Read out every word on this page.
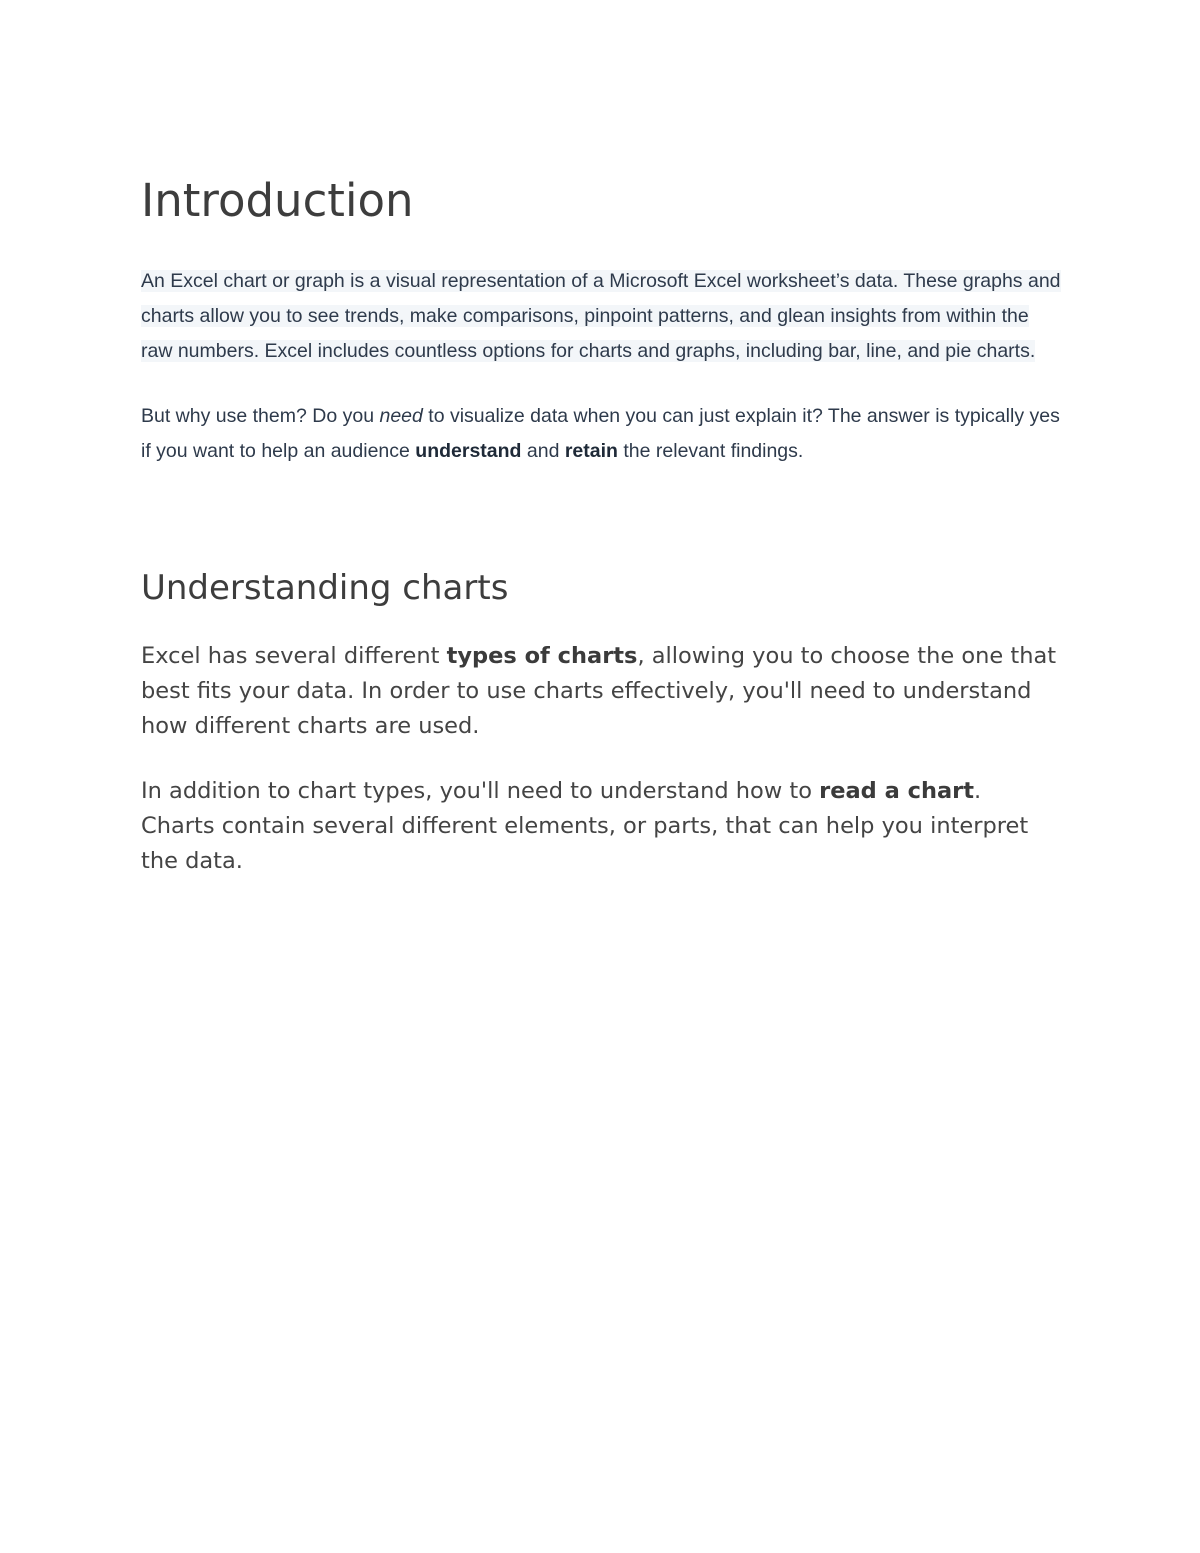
Introduction

An Excel chart or graph is a visual representation of a Microsoft Excel worksheet’s data. These graphs and charts allow you to see trends, make comparisons, pinpoint patterns, and glean insights from within the raw numbers. Excel includes countless options for charts and graphs, including bar, line, and pie charts.

But why use them? Do you need to visualize data when you can just explain it? The answer is typically yes if you want to help an audience understand and retain the relevant findings.

Understanding charts

Excel has several different types of charts, allowing you to choose the one that best fits your data. In order to use charts effectively, you'll need to understand how different charts are used.

In addition to chart types, you'll need to understand how to read a chart. Charts contain several different elements, or parts, that can help you interpret the data.
